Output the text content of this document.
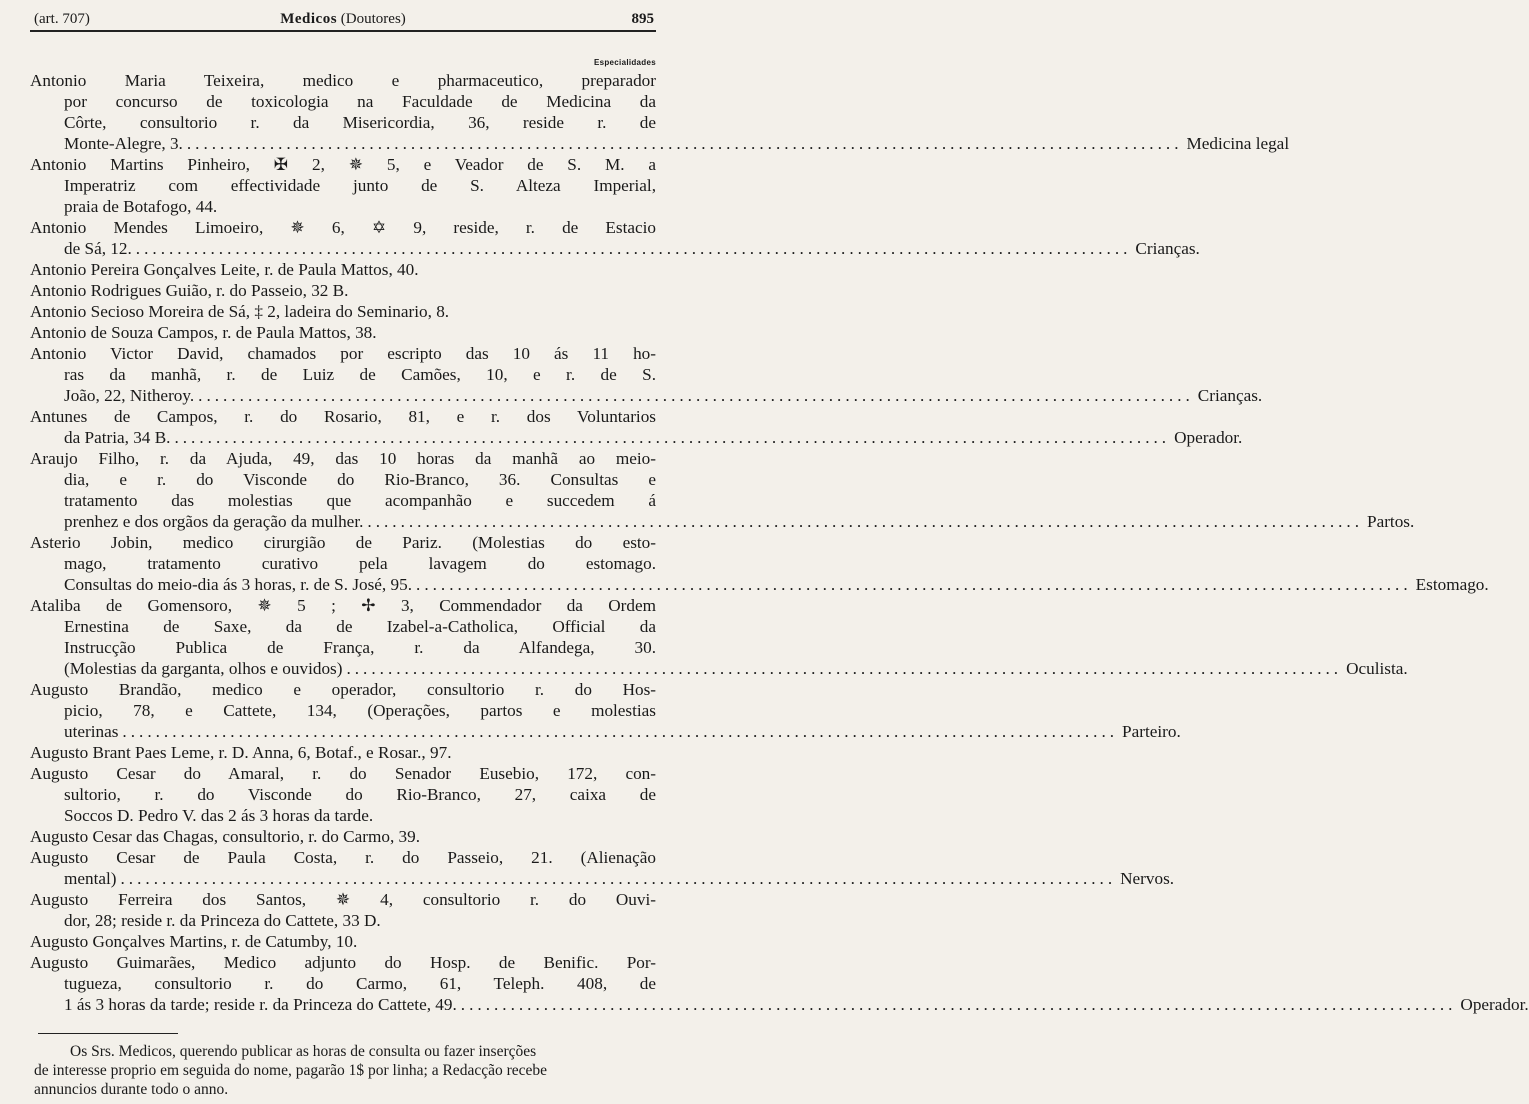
(art. 707)	Medicos (Doutores)	895
Especialidades
Antonio Maria Teixeira, medico e pharmaceutico, preparador
por concurso de toxicologia na Faculdade de Medicina da
Côrte, consultorio r. da Misericordia, 36, reside r. de
Monte-Alegre, 3. ........................................................................................................................ Medicina legal
Antonio Martins Pinheiro, ✠ 2, ✵ 5, e Veador de S. M. a
Imperatriz com effectividade junto de S. Alteza Imperial,
praia de Botafogo, 44.
Antonio Mendes Limoeiro, ✵ 6, ✡ 9, reside, r. de Estacio
de Sá, 12. ........................................................................................................................ Crianças.
Antonio Pereira Gonçalves Leite, r. de Paula Mattos, 40.
Antonio Rodrigues Guião, r. do Passeio, 32 B.
Antonio Secioso Moreira de Sá, ‡ 2, ladeira do Seminario, 8.
Antonio de Souza Campos, r. de Paula Mattos, 38.
Antonio Victor David, chamados por escripto das 10 ás 11 ho-
ras da manhã, r. de Luiz de Camões, 10, e r. de S.
João, 22, Nitheroy. ........................................................................................................................ Crianças.
Antunes de Campos, r. do Rosario, 81, e r. dos Voluntarios
da Patria, 34 B. ........................................................................................................................ Operador.
Araujo Filho, r. da Ajuda, 49, das 10 horas da manhã ao meio-
dia, e r. do Visconde do Rio-Branco, 36. Consultas e
tratamento das molestias que acompanhão e succedem á
prenhez e dos orgãos da geração da mulher. ........................................................................................................................ Partos.
Asterio Jobin, medico cirurgião de Pariz. (Molestias do esto-
mago, tratamento curativo pela lavagem do estomago.
Consultas do meio-dia ás 3 horas, r. de S. José, 95. ........................................................................................................................ Estomago.
Ataliba de Gomensoro, ✵ 5 ; ✢ 3, Commendador da Ordem
Ernestina de Saxe, da de Izabel-a-Catholica, Official da
Instrucção Publica de França, r. da Alfandega, 30.
(Molestias da garganta, olhos e ouvidos) ........................................................................................................................ Oculista.
Augusto Brandão, medico e operador, consultorio r. do Hos-
picio, 78, e Cattete, 134, (Operações, partos e molestias
uterinas ........................................................................................................................ Parteiro.
Augusto Brant Paes Leme, r. D. Anna, 6, Botaf., e Rosar., 97.
Augusto Cesar do Amaral, r. do Senador Eusebio, 172, con-
sultorio, r. do Visconde do Rio-Branco, 27, caixa de
Soccos D. Pedro V. das 2 ás 3 horas da tarde.
Augusto Cesar das Chagas, consultorio, r. do Carmo, 39.
Augusto Cesar de Paula Costa, r. do Passeio, 21. (Alienação
mental) ........................................................................................................................ Nervos.
Augusto Ferreira dos Santos, ✵ 4, consultorio r. do Ouvi-
dor, 28; reside r. da Princeza do Cattete, 33 D.
Augusto Gonçalves Martins, r. de Catumby, 10.
Augusto Guimarães, Medico adjunto do Hosp. de Benific. Por-
tugueza, consultorio r. do Carmo, 61, Teleph. 408, de
1 ás 3 horas da tarde; reside r. da Princeza do Cattete, 49. ........................................................................................................................ Operador.
Os Srs. Medicos, querendo publicar as horas de consulta ou fazer inserções
de interesse proprio em seguida do nome, pagarão 1$ por linha; a Redacção recebe
annuncios durante todo o anno.
